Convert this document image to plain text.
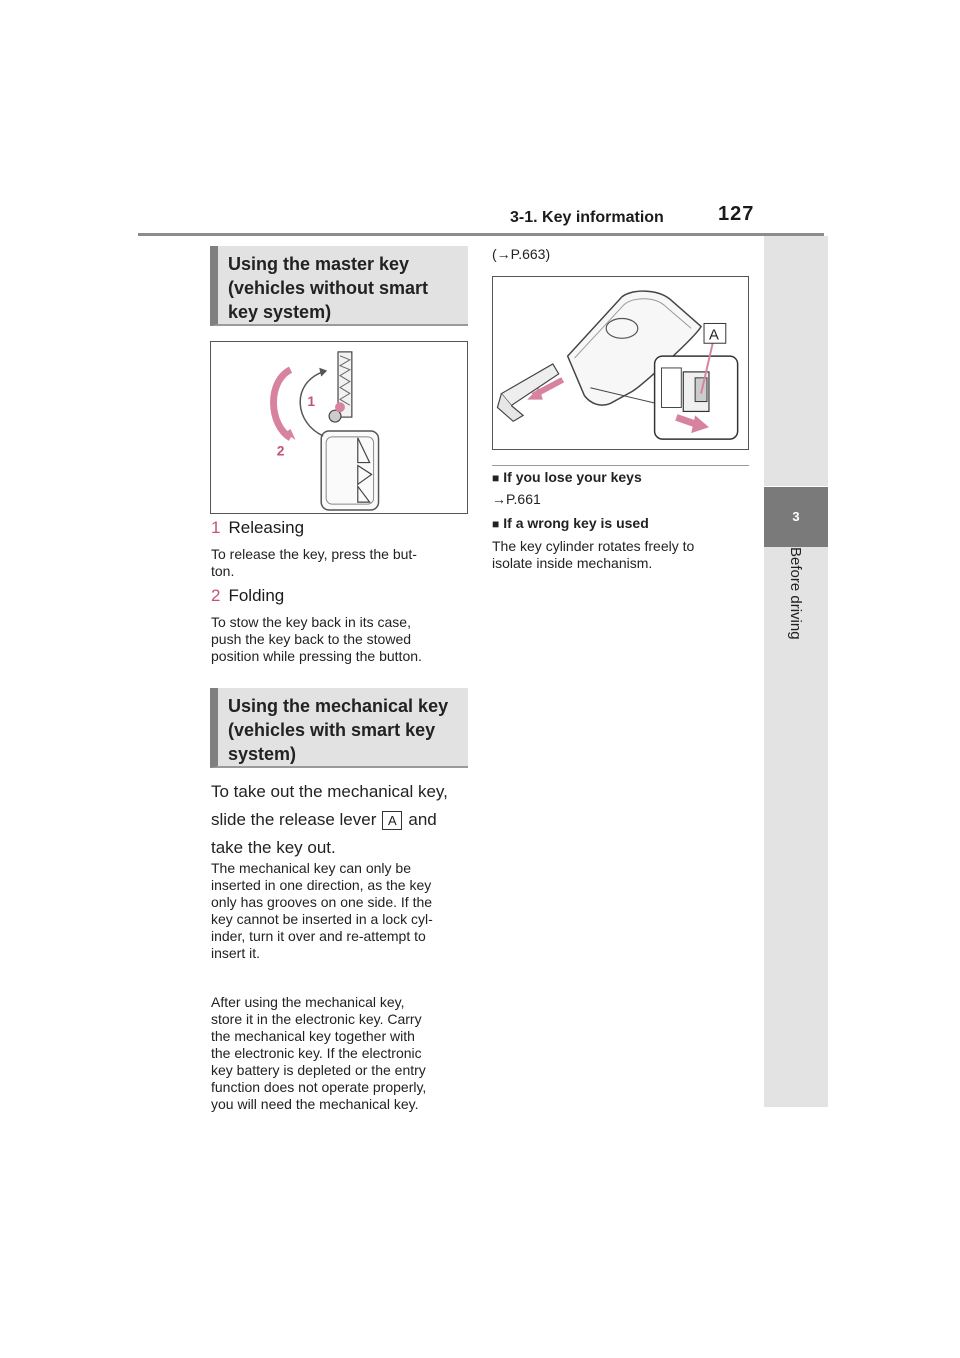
3-1. Key information	127
3
Before driving
Using the master key
(vehicles without smart
key system)
1
2
1 Releasing
To release the key, press the but-
ton.
2 Folding
To stow the key back in its case,
push the key back to the stowed
position while pressing the button.
Using the mechanical key
(vehicles with smart key
system)
To take out the mechanical key,
slide the release lever A and
take the key out.
The mechanical key can only be
inserted in one direction, as the key
only has grooves on one side. If the
key cannot be inserted in a lock cyl-
inder, turn it over and re-attempt to
insert it.
After using the mechanical key,
store it in the electronic key. Carry
the mechanical key together with
the electronic key. If the electronic
key battery is depleted or the entry
function does not operate properly,
you will need the mechanical key.
(→P.663)
A
■ If you lose your keys
→P.661
■ If a wrong key is used
The key cylinder rotates freely to
isolate inside mechanism.
